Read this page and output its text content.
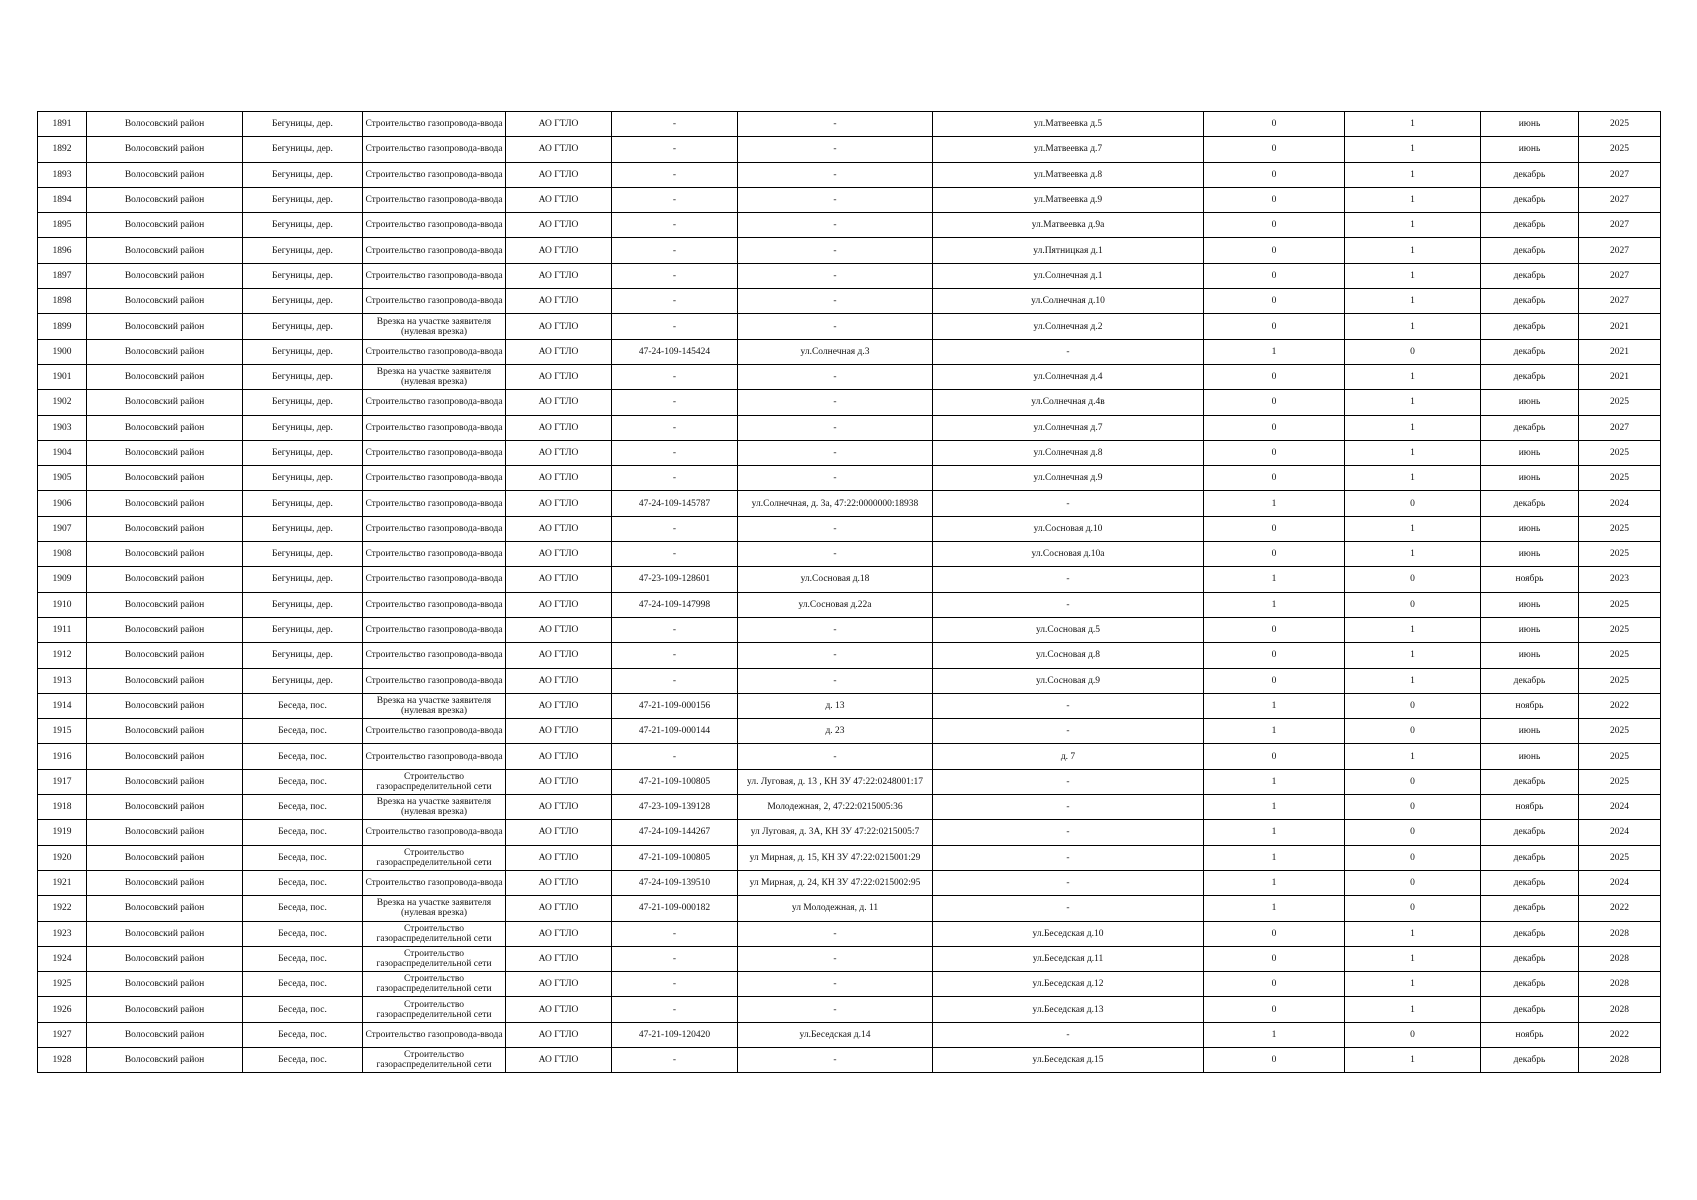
1891	Волосовский район	Бегуницы, дер.	Строительство газопровода-ввода	АО ГТЛО	-	-	ул.Матвеевка д.5	0	1	июнь	2025
1892	Волосовский район	Бегуницы, дер.	Строительство газопровода-ввода	АО ГТЛО	-	-	ул.Матвеевка д.7	0	1	июнь	2025
1893	Волосовский район	Бегуницы, дер.	Строительство газопровода-ввода	АО ГТЛО	-	-	ул.Матвеевка д.8	0	1	декабрь	2027
1894	Волосовский район	Бегуницы, дер.	Строительство газопровода-ввода	АО ГТЛО	-	-	ул.Матвеевка д.9	0	1	декабрь	2027
1895	Волосовский район	Бегуницы, дер.	Строительство газопровода-ввода	АО ГТЛО	-	-	ул.Матвеевка д.9а	0	1	декабрь	2027
1896	Волосовский район	Бегуницы, дер.	Строительство газопровода-ввода	АО ГТЛО	-	-	ул.Пятницкая д.1	0	1	декабрь	2027
1897	Волосовский район	Бегуницы, дер.	Строительство газопровода-ввода	АО ГТЛО	-	-	ул.Солнечная д.1	0	1	декабрь	2027
1898	Волосовский район	Бегуницы, дер.	Строительство газопровода-ввода	АО ГТЛО	-	-	ул.Солнечная д.10	0	1	декабрь	2027
1899	Волосовский район	Бегуницы, дер.	Врезка на участке заявителя (нулевая врезка)	АО ГТЛО	-	-	ул.Солнечная д.2	0	1	декабрь	2021
1900	Волосовский район	Бегуницы, дер.	Строительство газопровода-ввода	АО ГТЛО	47-24-109-145424	ул.Солнечная д.3	-	1	0	декабрь	2021
1901	Волосовский район	Бегуницы, дер.	Врезка на участке заявителя (нулевая врезка)	АО ГТЛО	-	-	ул.Солнечная д.4	0	1	декабрь	2021
1902	Волосовский район	Бегуницы, дер.	Строительство газопровода-ввода	АО ГТЛО	-	-	ул.Солнечная д.4в	0	1	июнь	2025
1903	Волосовский район	Бегуницы, дер.	Строительство газопровода-ввода	АО ГТЛО	-	-	ул.Солнечная д.7	0	1	декабрь	2027
1904	Волосовский район	Бегуницы, дер.	Строительство газопровода-ввода	АО ГТЛО	-	-	ул.Солнечная д.8	0	1	июнь	2025
1905	Волосовский район	Бегуницы, дер.	Строительство газопровода-ввода	АО ГТЛО	-	-	ул.Солнечная д.9	0	1	июнь	2025
1906	Волосовский район	Бегуницы, дер.	Строительство газопровода-ввода	АО ГТЛО	47-24-109-145787	ул.Солнечная, д. 3а, 47:22:0000000:18938	-	1	0	декабрь	2024
1907	Волосовский район	Бегуницы, дер.	Строительство газопровода-ввода	АО ГТЛО	-	-	ул.Сосновая д.10	0	1	июнь	2025
1908	Волосовский район	Бегуницы, дер.	Строительство газопровода-ввода	АО ГТЛО	-	-	ул.Сосновая д.10а	0	1	июнь	2025
1909	Волосовский район	Бегуницы, дер.	Строительство газопровода-ввода	АО ГТЛО	47-23-109-128601	ул.Сосновая д.18	-	1	0	ноябрь	2023
1910	Волосовский район	Бегуницы, дер.	Строительство газопровода-ввода	АО ГТЛО	47-24-109-147998	ул.Сосновая д.22а	-	1	0	июнь	2025
1911	Волосовский район	Бегуницы, дер.	Строительство газопровода-ввода	АО ГТЛО	-	-	ул.Сосновая д.5	0	1	июнь	2025
1912	Волосовский район	Бегуницы, дер.	Строительство газопровода-ввода	АО ГТЛО	-	-	ул.Сосновая д.8	0	1	июнь	2025
1913	Волосовский район	Бегуницы, дер.	Строительство газопровода-ввода	АО ГТЛО	-	-	ул.Сосновая д.9	0	1	декабрь	2025
1914	Волосовский район	Беседа, пос.	Врезка на участке заявителя (нулевая врезка)	АО ГТЛО	47-21-109-000156	д. 13	-	1	0	ноябрь	2022
1915	Волосовский район	Беседа, пос.	Строительство газопровода-ввода	АО ГТЛО	47-21-109-000144	д. 23	-	1	0	июнь	2025
1916	Волосовский район	Беседа, пос.	Строительство газопровода-ввода	АО ГТЛО	-	-	д. 7	0	1	июнь	2025
1917	Волосовский район	Беседа, пос.	Строительство газораспределительной сети	АО ГТЛО	47-21-109-100805	ул. Луговая, д. 13 , КН ЗУ 47:22:0248001:17	-	1	0	декабрь	2025
1918	Волосовский район	Беседа, пос.	Врезка на участке заявителя (нулевая врезка)	АО ГТЛО	47-23-109-139128	Молодежная, 2, 47:22:0215005:36	-	1	0	ноябрь	2024
1919	Волосовский район	Беседа, пос.	Строительство газопровода-ввода	АО ГТЛО	47-24-109-144267	ул Луговая, д. 3А, КН ЗУ 47:22:0215005:7	-	1	0	декабрь	2024
1920	Волосовский район	Беседа, пос.	Строительство газораспределительной сети	АО ГТЛО	47-21-109-100805	ул Мирная, д. 15, КН ЗУ 47:22:0215001:29	-	1	0	декабрь	2025
1921	Волосовский район	Беседа, пос.	Строительство газопровода-ввода	АО ГТЛО	47-24-109-139510	ул Мирная, д. 24, КН ЗУ 47:22:0215002:95	-	1	0	декабрь	2024
1922	Волосовский район	Беседа, пос.	Врезка на участке заявителя (нулевая врезка)	АО ГТЛО	47-21-109-000182	ул Молодежная, д. 11	-	1	0	декабрь	2022
1923	Волосовский район	Беседа, пос.	Строительство газораспределительной сети	АО ГТЛО	-	-	ул.Беседская д.10	0	1	декабрь	2028
1924	Волосовский район	Беседа, пос.	Строительство газораспределительной сети	АО ГТЛО	-	-	ул.Беседская д.11	0	1	декабрь	2028
1925	Волосовский район	Беседа, пос.	Строительство газораспределительной сети	АО ГТЛО	-	-	ул.Беседская д.12	0	1	декабрь	2028
1926	Волосовский район	Беседа, пос.	Строительство газораспределительной сети	АО ГТЛО	-	-	ул.Беседская д.13	0	1	декабрь	2028
1927	Волосовский район	Беседа, пос.	Строительство газопровода-ввода	АО ГТЛО	47-21-109-120420	ул.Беседская д.14	-	1	0	ноябрь	2022
1928	Волосовский район	Беседа, пос.	Строительство газораспределительной сети	АО ГТЛО	-	-	ул.Беседская д.15	0	1	декабрь	2028
